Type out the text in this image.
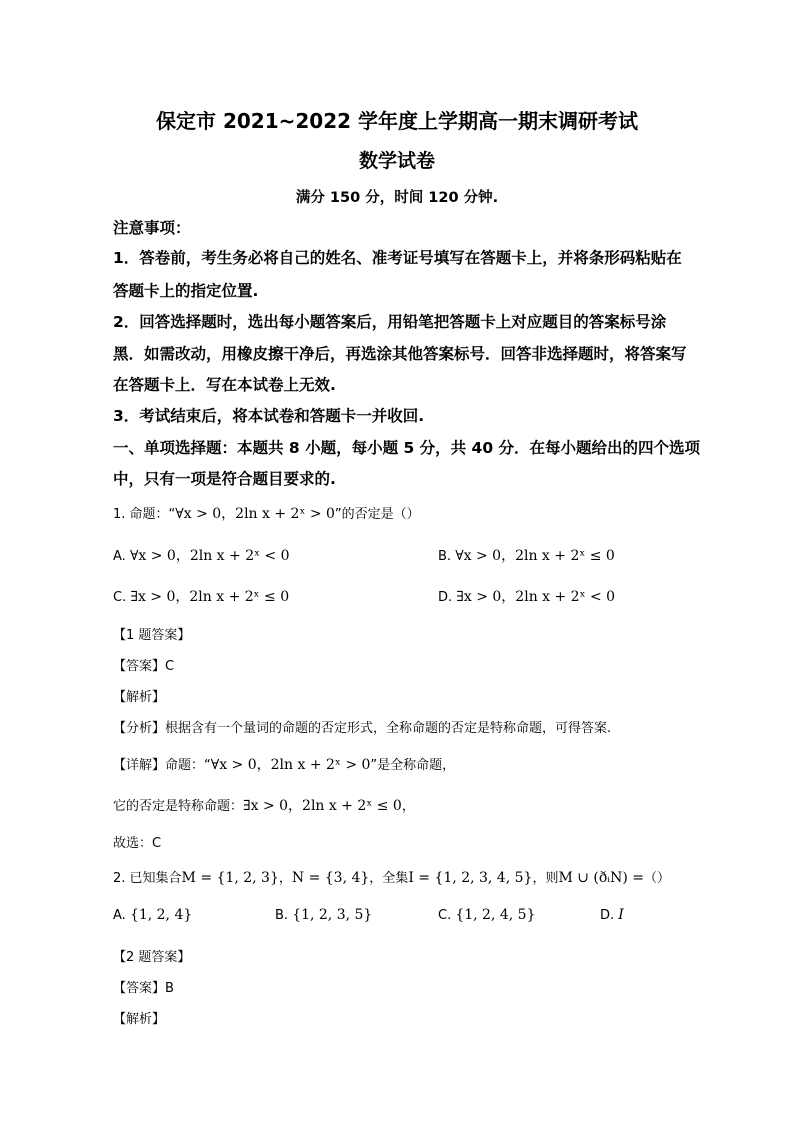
保定市 2021~2022 学年度上学期高一期末调研考试
数学试卷
满分 150 分，时间 120 分钟.
注意事项：
1．答卷前，考生务必将自己的姓名、准考证号填写在答题卡上，并将条形码粘贴在
答题卡上的指定位置.
2．回答选择题时，选出每小题答案后，用铅笔把答题卡上对应题目的答案标号涂
黑．如需改动，用橡皮擦干净后，再选涂其他答案标号．回答非选择题时，将答案写
在答题卡上．写在本试卷上无效.
3．考试结束后，将本试卷和答题卡一并收回.
一、单项选择题：本题共 8 小题，每小题 5 分，共 40 分．在每小题给出的四个选项
中，只有一项是符合题目要求的.
1. 命题：“∀x > 0，2ln x + 2ˣ > 0”的否定是（）
A. ∀x > 0，2ln x + 2ˣ < 0	B. ∀x > 0，2ln x + 2ˣ ≤ 0
C. ∃x > 0，2ln x + 2ˣ ≤ 0	D. ∃x > 0，2ln x + 2ˣ < 0
【1 题答案】
【答案】C
【解析】
【分析】根据含有一个量词的命题的否定形式，全称命题的否定是特称命题，可得答案.
【详解】命题：“∀x > 0，2ln x + 2ˣ > 0”是全称命题，
它的否定是特称命题：∃x > 0，2ln x + 2ˣ ≤ 0，
故选：C
2. 已知集合M = {1, 2, 3}，N = {3, 4}，全集I = {1, 2, 3, 4, 5}，则M ∪ (ðᵢN) =（）
A. {1, 2, 4}	B. {1, 2, 3, 5}	C. {1, 2, 4, 5}	D. I
【2 题答案】
【答案】B
【解析】
